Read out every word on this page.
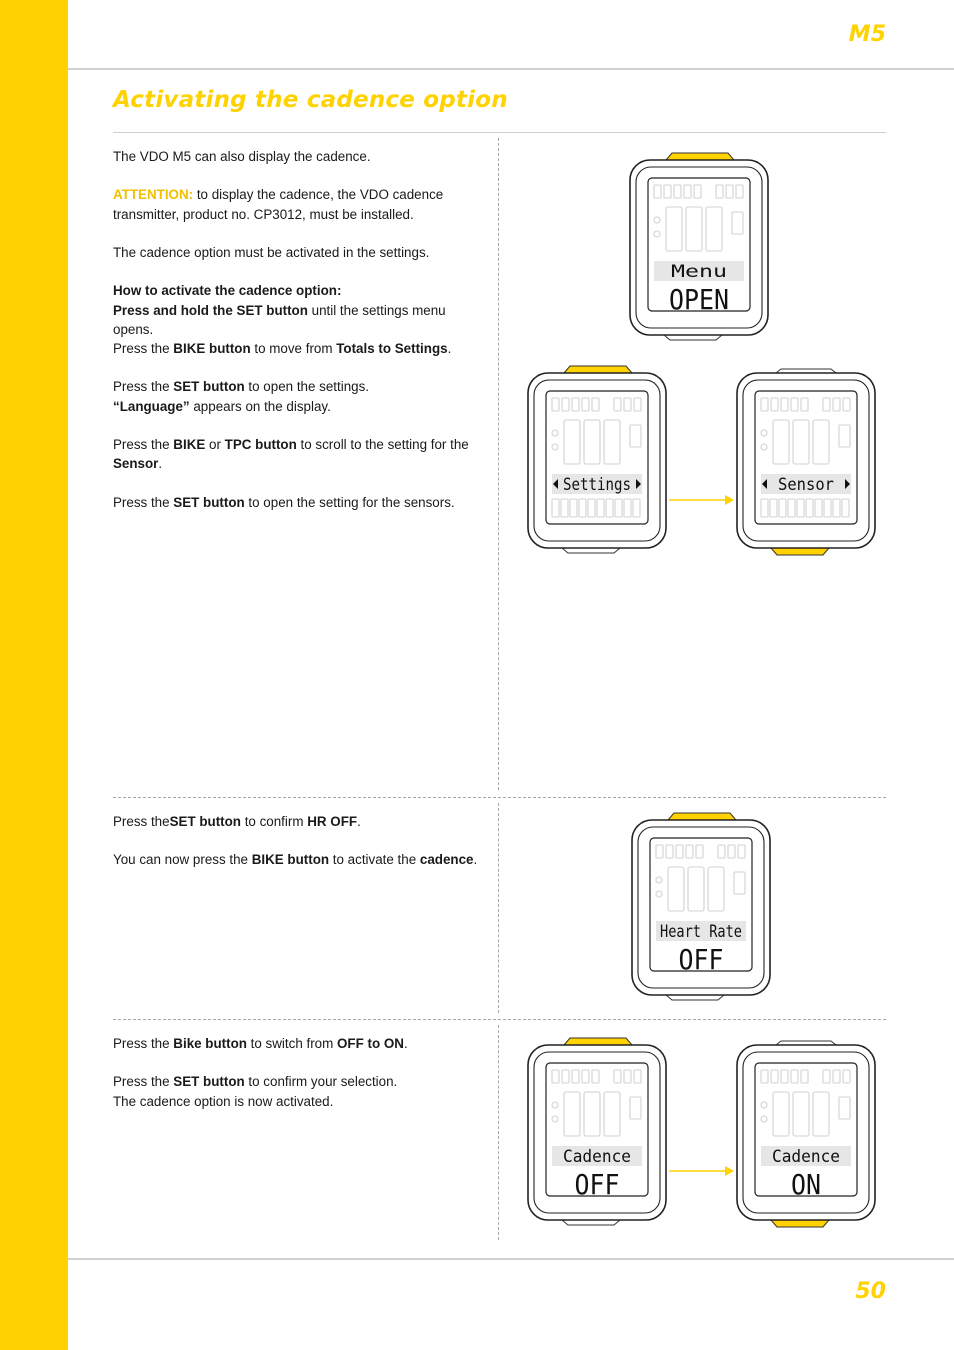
M5
Activating the cadence option
50

The VDO M5 can also display the cadence.

ATTENTION: to display the cadence, the VDO cadence transmitter, product no. CP3012, must be installed.

The cadence option must be activated in the settings.

How to activate the cadence option:

Press and hold the SET button until the settings menu opens.

Press the BIKE button to move from Totals to Settings.

Press the SET button to open the settings.

“Language” appears on the display.

Press the BIKE or TPC button to scroll to the setting for the Sensor.

Press the SET button to open the setting for the sensors.

Press theSET button to confirm HR OFF.

You can now press the BIKE button to activate the cadence.

Press the Bike button to switch from OFF to ON.

Press the SET button to confirm your selection.

The cadence option is now activated.

Menu
OPEN
Settings	Sensor
Heart Rate
OFF
Cadence
OFF
Cadence
ON
